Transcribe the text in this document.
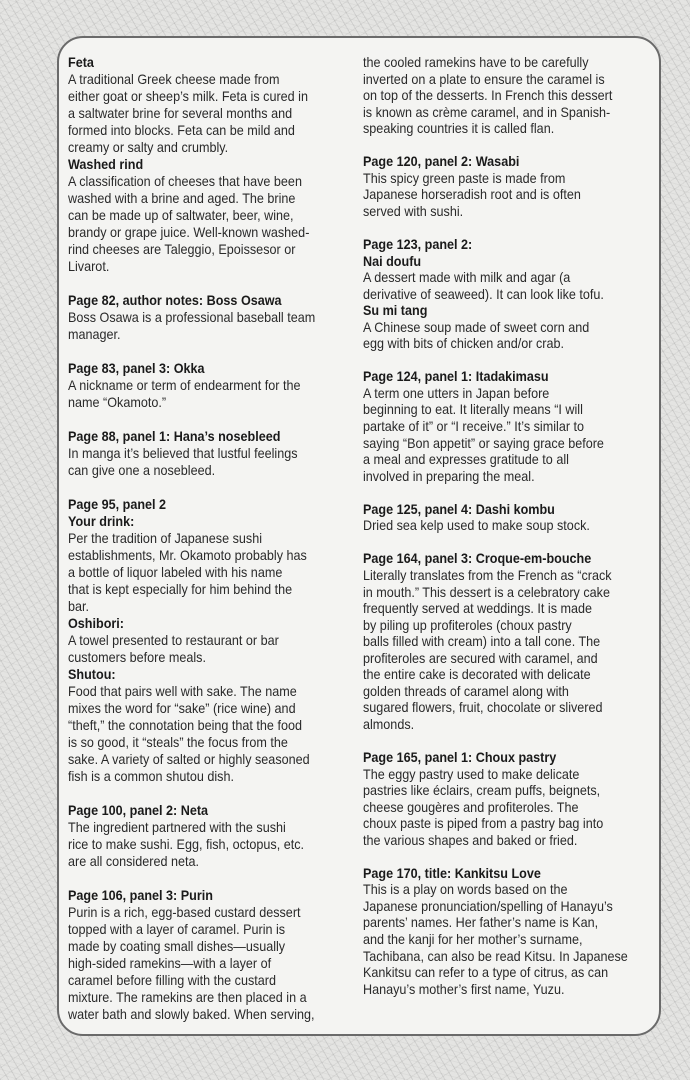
Feta
A traditional Greek cheese made from
either goat or sheep’s milk. Feta is cured in
a saltwater brine for several months and
formed into blocks. Feta can be mild and
creamy or salty and crumbly.
Washed rind
A classification of cheeses that have been
washed with a brine and aged. The brine
can be made up of saltwater, beer, wine,
brandy or grape juice. Well-known washed-
rind cheeses are Taleggio, Epoissesor or
Livarot.
Page 82, author notes: Boss Osawa
Boss Osawa is a professional baseball team
manager.
Page 83, panel 3: Okka
A nickname or term of endearment for the
name “Okamoto.”
Page 88, panel 1: Hana’s nosebleed
In manga it’s believed that lustful feelings
can give one a nosebleed.
Page 95, panel 2
Your drink:
Per the tradition of Japanese sushi
establishments, Mr. Okamoto probably has
a bottle of liquor labeled with his name
that is kept especially for him behind the
bar.
Oshibori:
A towel presented to restaurant or bar
customers before meals.
Shutou:
Food that pairs well with sake. The name
mixes the word for “sake” (rice wine) and
“theft,” the connotation being that the food
is so good, it “steals” the focus from the
sake. A variety of salted or highly seasoned
fish is a common shutou dish.
Page 100, panel 2: Neta
The ingredient partnered with the sushi
rice to make sushi. Egg, fish, octopus, etc.
are all considered neta.
Page 106, panel 3: Purin
Purin is a rich, egg-based custard dessert
topped with a layer of caramel. Purin is
made by coating small dishes—usually
high-sided ramekins—with a layer of
caramel before filling with the custard
mixture. The ramekins are then placed in a
water bath and slowly baked. When serving,
the cooled ramekins have to be carefully
inverted on a plate to ensure the caramel is
on top of the desserts. In French this dessert
is known as crème caramel, and in Spanish-
speaking countries it is called flan.
Page 120, panel 2: Wasabi
This spicy green paste is made from
Japanese horseradish root and is often
served with sushi.
Page 123, panel 2:
Nai doufu
A dessert made with milk and agar (a
derivative of seaweed). It can look like tofu.
Su mi tang
A Chinese soup made of sweet corn and
egg with bits of chicken and/or crab.
Page 124, panel 1: Itadakimasu
A term one utters in Japan before
beginning to eat. It literally means “I will
partake of it” or “I receive.” It’s similar to
saying “Bon appetit” or saying grace before
a meal and expresses gratitude to all
involved in preparing the meal.
Page 125, panel 4: Dashi kombu
Dried sea kelp used to make soup stock.
Page 164, panel 3: Croque-em-bouche
Literally translates from the French as “crack
in mouth.” This dessert is a celebratory cake
frequently served at weddings. It is made
by piling up profiteroles (choux pastry
balls filled with cream) into a tall cone. The
profiteroles are secured with caramel, and
the entire cake is decorated with delicate
golden threads of caramel along with
sugared flowers, fruit, chocolate or slivered
almonds.
Page 165, panel 1: Choux pastry
The eggy pastry used to make delicate
pastries like éclairs, cream puffs, beignets,
cheese gougères and profiteroles. The
choux paste is piped from a pastry bag into
the various shapes and baked or fried.
Page 170, title: Kankitsu Love
This is a play on words based on the
Japanese pronunciation/spelling of Hanayu’s
parents’ names. Her father’s name is Kan,
and the kanji for her mother’s surname,
Tachibana, can also be read Kitsu. In Japanese
Kankitsu can refer to a type of citrus, as can
Hanayu’s mother’s first name, Yuzu.
